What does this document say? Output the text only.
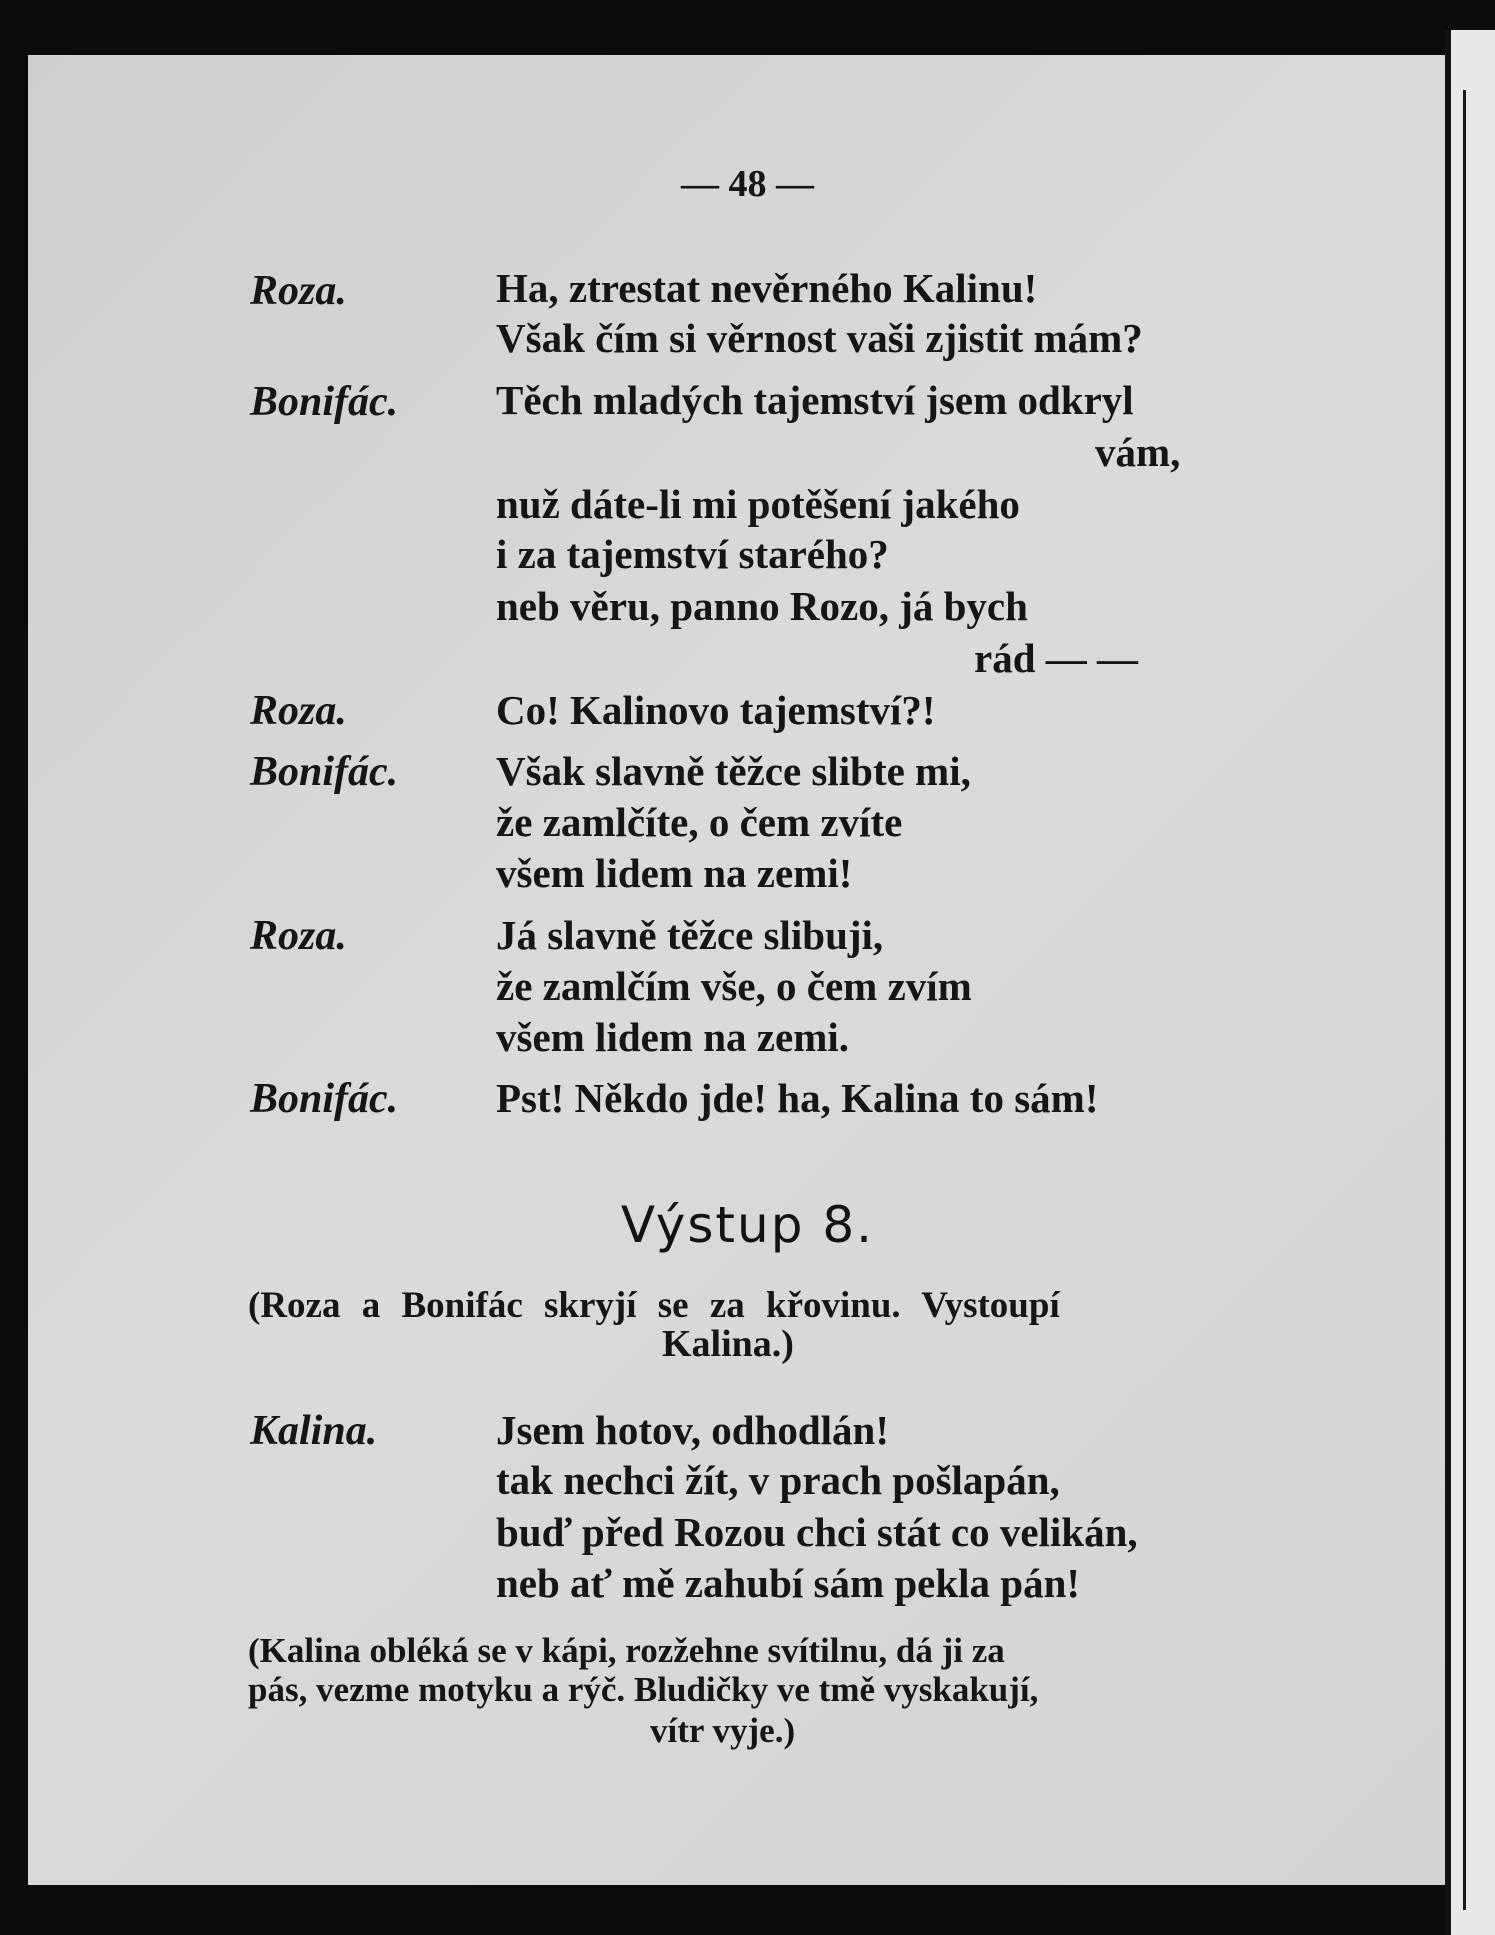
— 48 —
Roza.	Ha, ztrestat nevěrného Kalinu!
Však čím si věrnost vaši zjistit mám?
Bonifác. Těch mladých tajemství jsem odkryl
vám,
nuž dáte-li mi potěšení jakého
i za tajemství starého?
neb věru, panno Rozo, já bych
rád — —
Roza.	Co! Kalinovo tajemství?!
Bonifác. Však slavně těžce slibte mi,
že zamlčíte, o čem zvíte
všem lidem na zemi!
Roza.	Já slavně těžce slibuji,
že zamlčím vše, o čem zvím
všem lidem na zemi.
Bonifác. Pst! Někdo jde! ha, Kalina to sám!
Výstup 8.
(Roza a Bonifác skryjí se za křovinu. Vystoupí
Kalina.)
Kalina.	Jsem hotov, odhodlán!
tak nechci žít, v prach pošlapán,
buď před Rozou chci stát co velikán,
neb ať mě zahubí sám pekla pán!
(Kalina obléká se v kápi, rozžehne svítilnu, dá ji za
pás, vezme motyku a rýč. Bludičky ve tmě vyskakují,
vítr vyje.)
